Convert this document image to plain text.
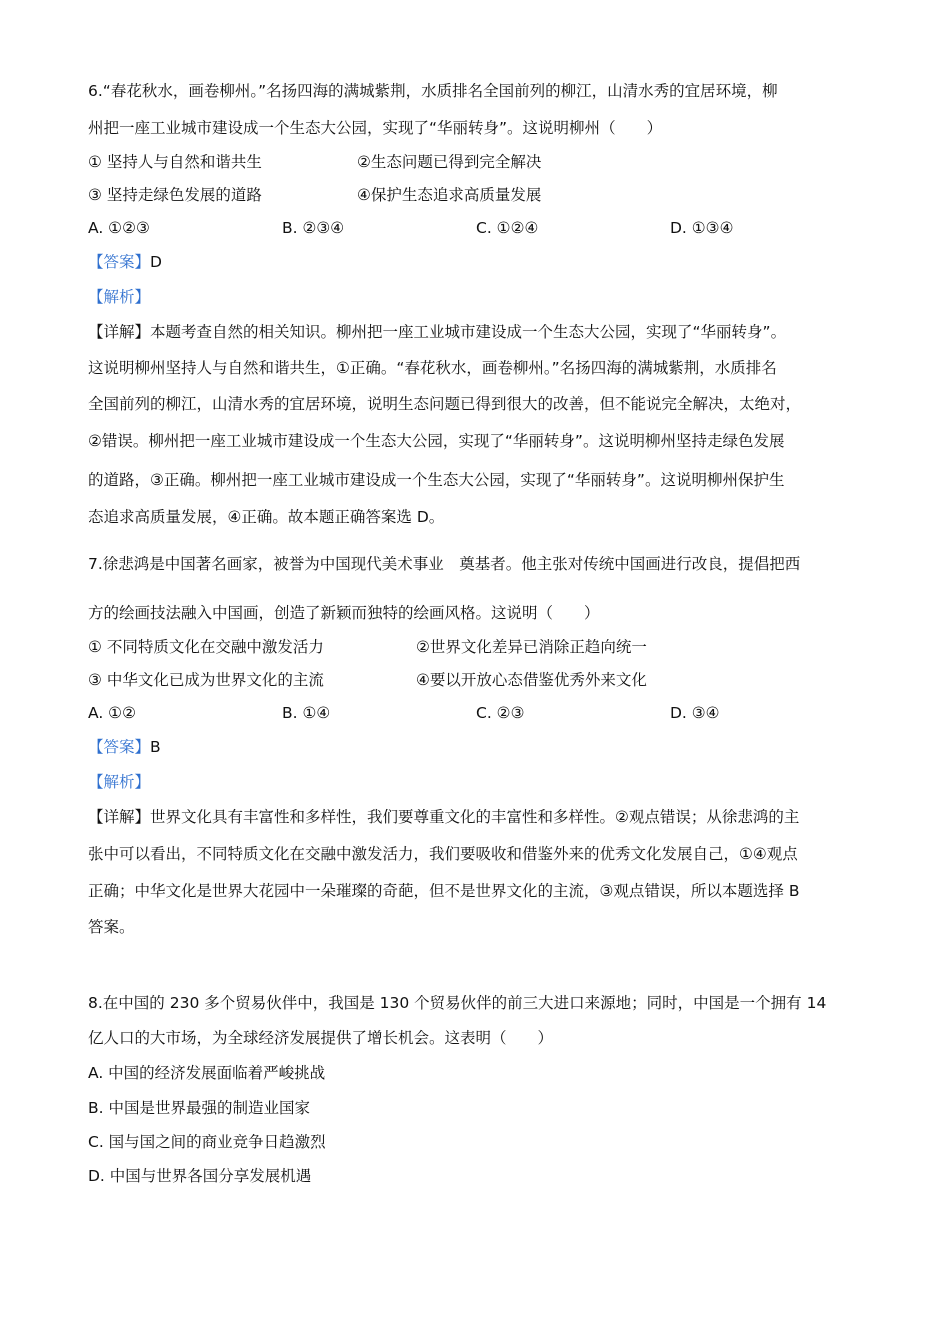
6.“春花秋水，画卷柳州。”名扬四海的满城紫荆，水质排名全国前列的柳江，山清水秀的宜居环境，柳
州把一座工业城市建设成一个生态大公园，实现了“华丽转身”。这说明柳州（　　）
① 坚持人与自然和谐共生	②生态问题已得到完全解决
③ 坚持走绿色发展的道路	④保护生态追求高质量发展
A. ①②③	B. ②③④	C. ①②④	D. ①③④
【答案】D
【解析】
【详解】本题考查自然的相关知识。柳州把一座工业城市建设成一个生态大公园，实现了“华丽转身”。
这说明柳州坚持人与自然和谐共生，①正确。“春花秋水，画卷柳州。”名扬四海的满城紫荆，水质排名
全国前列的柳江，山清水秀的宜居环境，说明生态问题已得到很大的改善，但不能说完全解决，太绝对，
②错误。柳州把一座工业城市建设成一个生态大公园，实现了“华丽转身”。这说明柳州坚持走绿色发展
的道路，③正确。柳州把一座工业城市建设成一个生态大公园，实现了“华丽转身”。这说明柳州保护生
态追求高质量发展，④正确。故本题正确答案选 D。
7.徐悲鸿是中国著名画家，被誉为中国现代美术事业　奠基者。他主张对传统中国画进行改良，提倡把西
方的绘画技法融入中国画，创造了新颖而独特的绘画风格。这说明（　　）
① 不同特质文化在交融中激发活力	②世界文化差异已消除正趋向统一
③ 中华文化已成为世界文化的主流	④要以开放心态借鉴优秀外来文化
A. ①②	B. ①④	C. ②③	D. ③④
【答案】B
【解析】
【详解】世界文化具有丰富性和多样性，我们要尊重文化的丰富性和多样性。②观点错误；从徐悲鸿的主
张中可以看出，不同特质文化在交融中激发活力，我们要吸收和借鉴外来的优秀文化发展自己，①④观点
正确；中华文化是世界大花园中一朵璀璨的奇葩，但不是世界文化的主流，③观点错误，所以本题选择 B
答案。
8.在中国的 230 多个贸易伙伴中，我国是 130 个贸易伙伴的前三大进口来源地；同时，中国是一个拥有 14
亿人口的大市场，为全球经济发展提供了增长机会。这表明（　　）
A. 中国的经济发展面临着严峻挑战
B. 中国是世界最强的制造业国家
C. 国与国之间的商业竞争日趋激烈
D. 中国与世界各国分享发展机遇
